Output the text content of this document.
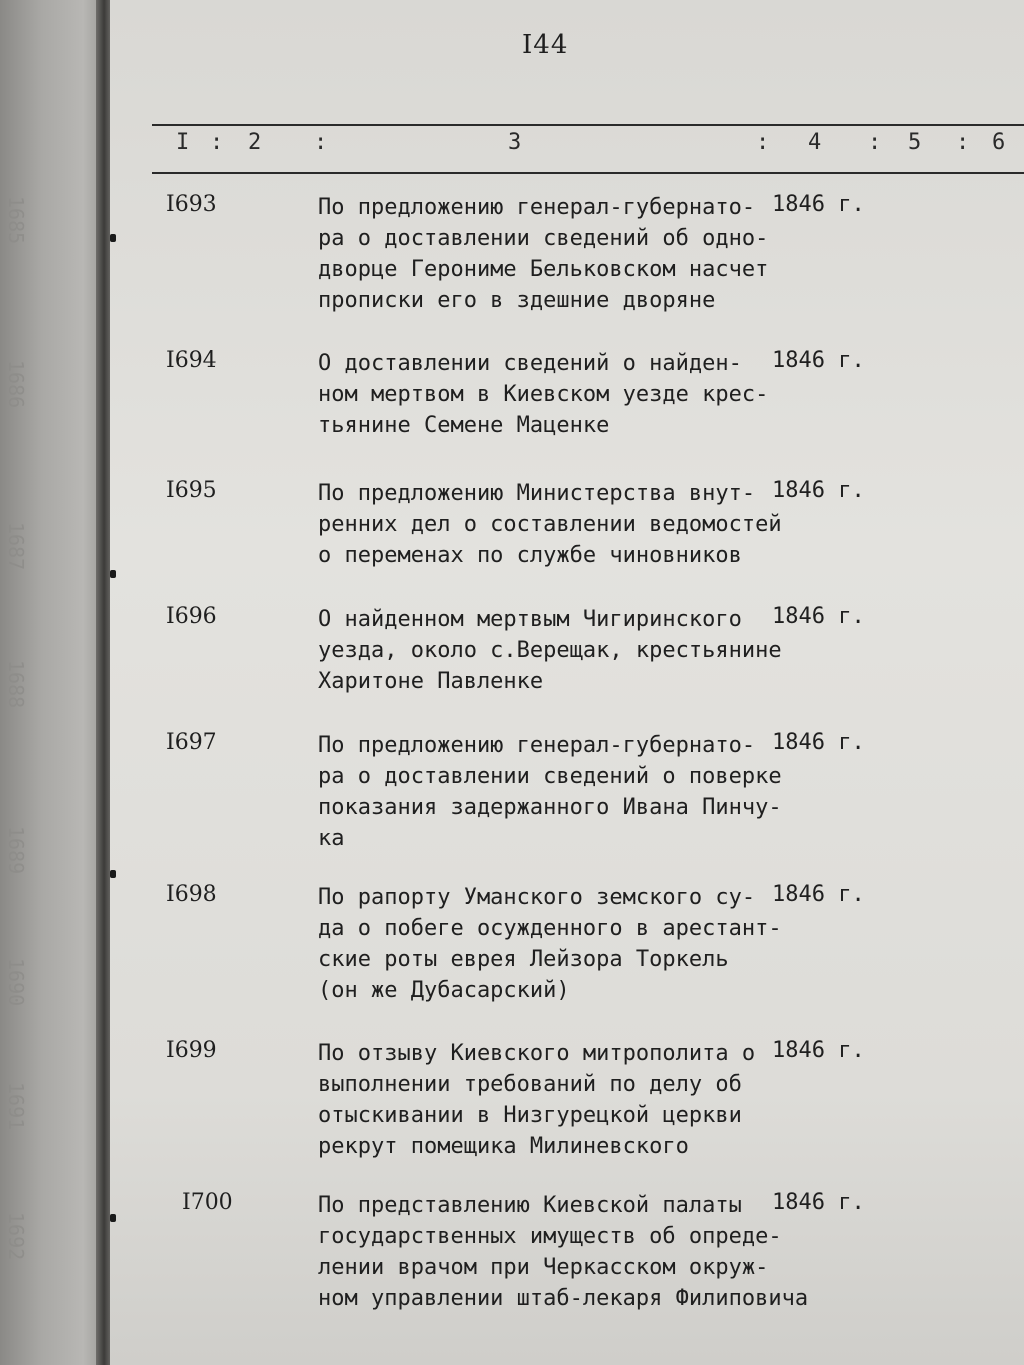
1685
1686
1687
1688
1689
1690
1691
1692
I44
I : 2 :	3	: 4 : 5 : 6
I693	По предложению генерал-губернато-
ра о доставлении сведений об одно-
дворце Герониме Бельковском насчет
прописки его в здешние дворяне
1846 г.
I694	О доставлении сведений о найден-
ном мертвом в Киевском уезде крес-
тьянине Семене Маценке
1846 г.
I695	По предложению Министерства внут-
ренних дел о составлении ведомостей
о переменах по службе чиновников
1846 г.
I696	О найденном мертвым Чигиринского
уезда, около с.Верещак, крестьянине
Харитоне Павленке
1846 г.
I697	По предложению генерал-губернато-
ра о доставлении сведений о поверке
показания задержанного Ивана Пинчу-
ка
1846 г.
I698	По рапорту Уманского земского су-
да о побеге осужденного в арестант-
ские роты еврея Лейзора Торкель
(он же Дубасарский)
1846 г.
I699	По отзыву Киевского митрополита о
выполнении требований по делу об
отыскивании в Низгурецкой церкви
рекрут помещика Милиневского
1846 г.
I700	По представлению Киевской палаты
государственных имуществ об опреде-
лении врачом при Черкасском окруж-
ном управлении штаб-лекаря Филиповича
1846 г.
